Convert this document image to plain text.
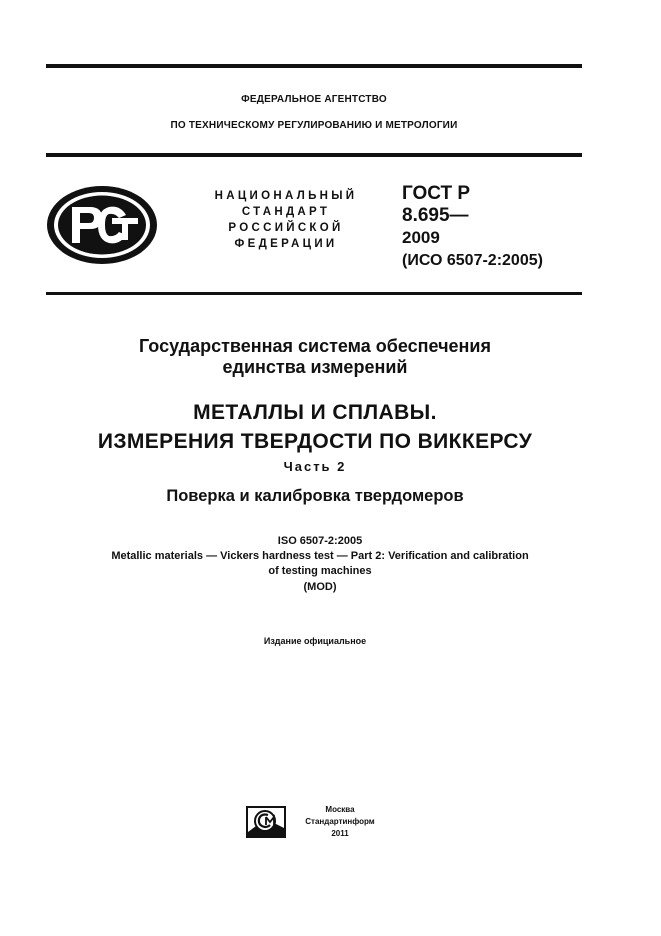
ФЕДЕРАЛЬНОЕ АГЕНТСТВО
ПО ТЕХНИЧЕСКОМУ РЕГУЛИРОВАНИЮ И МЕТРОЛОГИИ
НАЦИОНАЛЬНЫЙ
СТАНДАРТ
РОССИЙСКОЙ
ФЕДЕРАЦИИ
ГОСТ Р
8.695—
2009
(ИСО 6507-2:2005)
Государственная система обеспечения
единства измерений
МЕТАЛЛЫ И СПЛАВЫ.
ИЗМЕРЕНИЯ ТВЕРДОСТИ ПО ВИККЕРСУ
Часть 2
Поверка и калибровка твердомеров
ISO 6507-2:2005
Metallic materials — Vickers hardness test — Part 2: Verification and calibration
of testing machines
(MOD)
Издание официальное
Москва
Стандартинформ
2011
